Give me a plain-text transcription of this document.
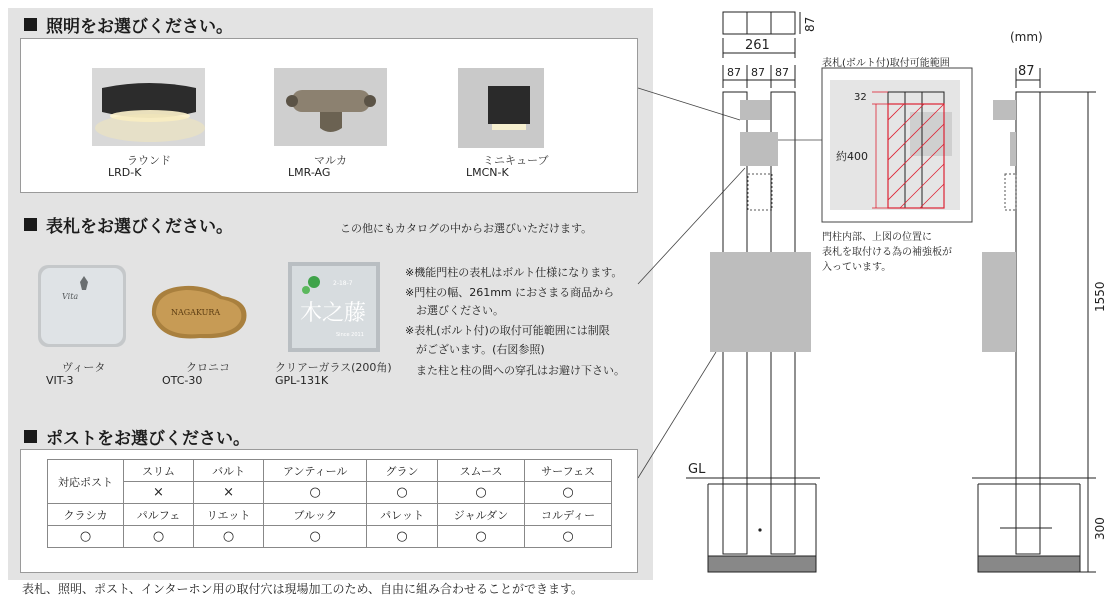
照明をお選びください。
Vita
NAGAKURA
2-18-7
木之藤
Since 2011
ラウンド
LRD-K
マルカ
LMR-AG
ミニキューブ
LMCN-K
表札をお選びください。	この他にもカタログの中からお選びいただけます。
ヴィータ
VIT-3
クロニコ
OTC-30
クリアーガラス(200角)
GPL-131K
※機能門柱の表札はボルト仕様になります。
※門柱の幅、261mm におさまる商品から
　お選びください。
※表札(ボルト付)の取付可能範囲には制限
　がございます。(右図参照)
　また柱と柱の間への穿孔はお避け下さい。
ポストをお選びください。
対応ポスト	スリム	バルト	アンティール	グラン	スムース	サーフェス
	×	×	○	○	○	○
クラシカ	パルフェ	リエット	ブルック	パレット	ジャルダン	コルディー
○	○	○	○	○	○	○
表札、照明、ポスト、インターホン用の取付穴は現場加工のため、自由に組み合わせることができます。
(mm)
87
261
87 87 87	87
GL
1550
300
表札(ボルト付)取付可能範囲
32
約400
門柱内部、上図の位置に
表札を取付ける為の補強板が
入っています。
